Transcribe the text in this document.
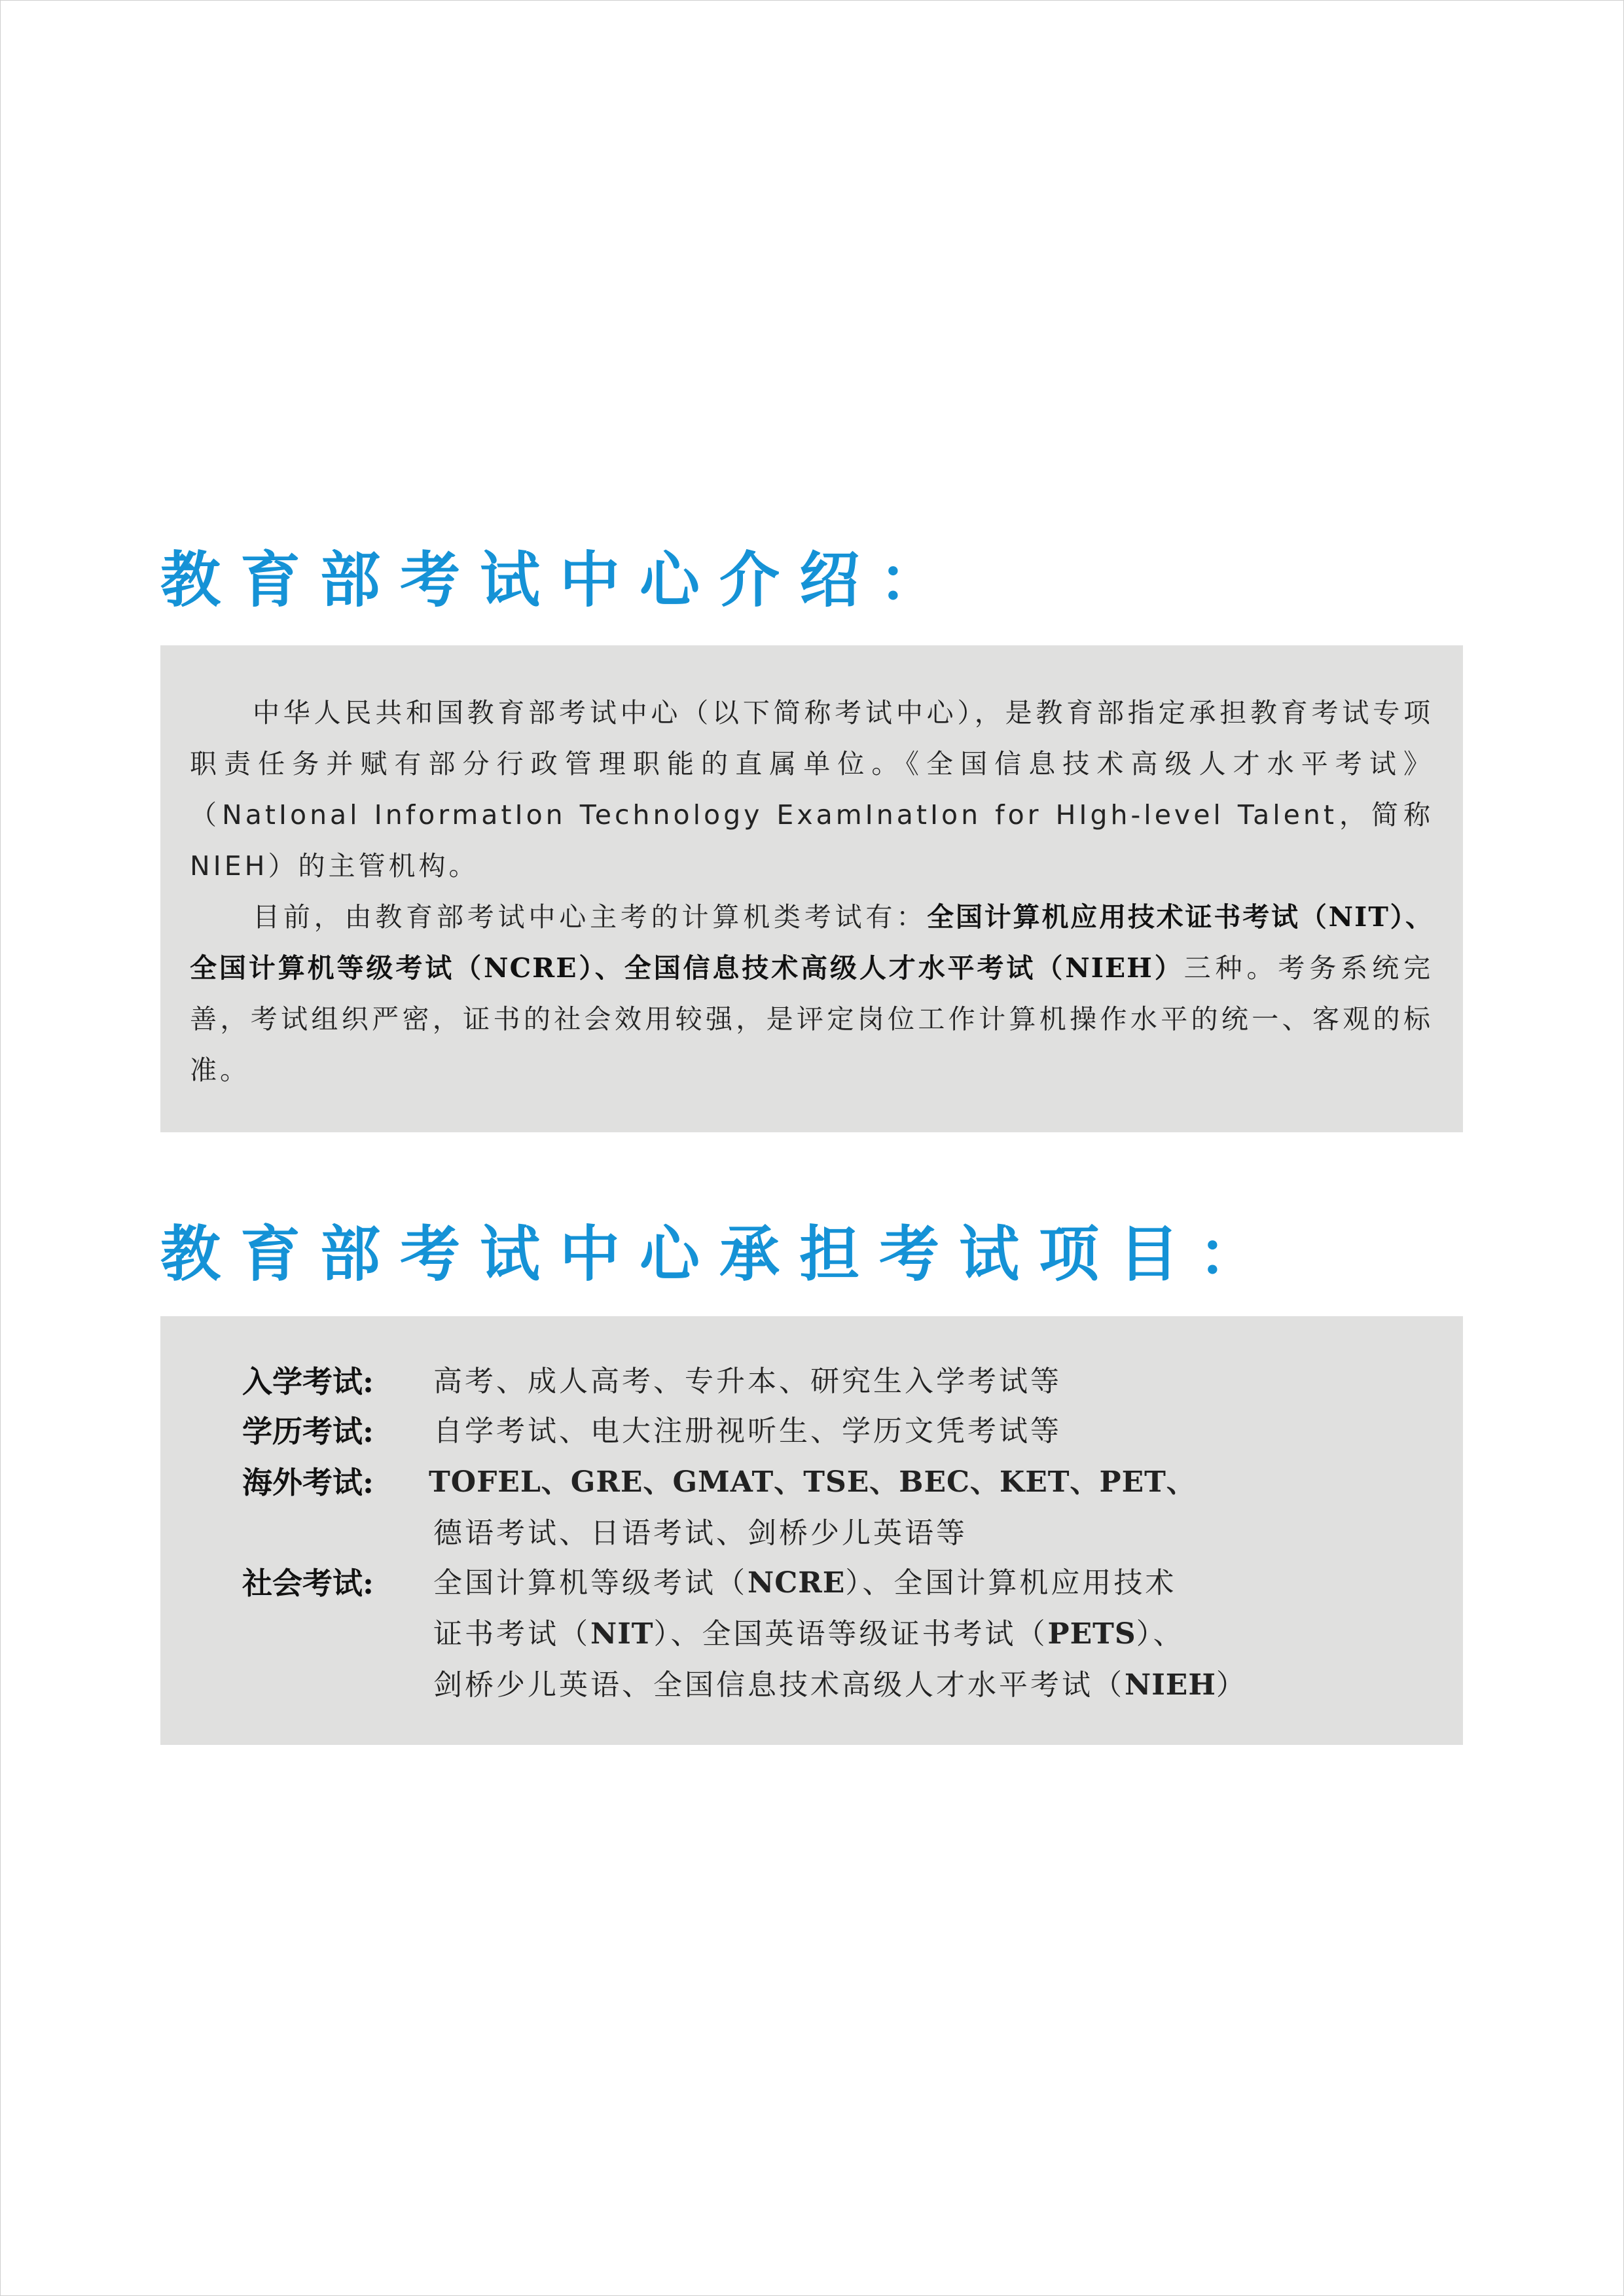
教育部考试中心介绍：

中华人民共和国教育部考试中心（以下简称考试中心），是教育部指定承担教育考试专项职责任务并赋有部分行政管理职能的直属单位。《全国信息技术高级人才水平考试》（NatIonal InformatIon Technology ExamInatIon for HIgh-level Talent，简称NIEH）的主管机构。

目前，由教育部考试中心主考的计算机类考试有：全国计算机应用技术证书考试（NIT）、全国计算机等级考试（NCRE）、全国信息技术高级人才水平考试（NIEH）三种。考务系统完善，考试组织严密，证书的社会效用较强，是评定岗位工作计算机操作水平的统一、客观的标准。

教育部考试中心承担考试项目：
入学考试: 高考、成人高考、专升本、研究生入学考试等
学历考试: 自学考试、电大注册视听生、学历文凭考试等
海外考试: TOFEL、GRE、GMAT、TSE、BEC、KET、PET、
德语考试、日语考试、剑桥少儿英语等
社会考试: 全国计算机等级考试（NCRE）、全国计算机应用技术
证书考试（NIT）、全国英语等级证书考试（PETS）、
剑桥少儿英语、全国信息技术高级人才水平考试（NIEH）
